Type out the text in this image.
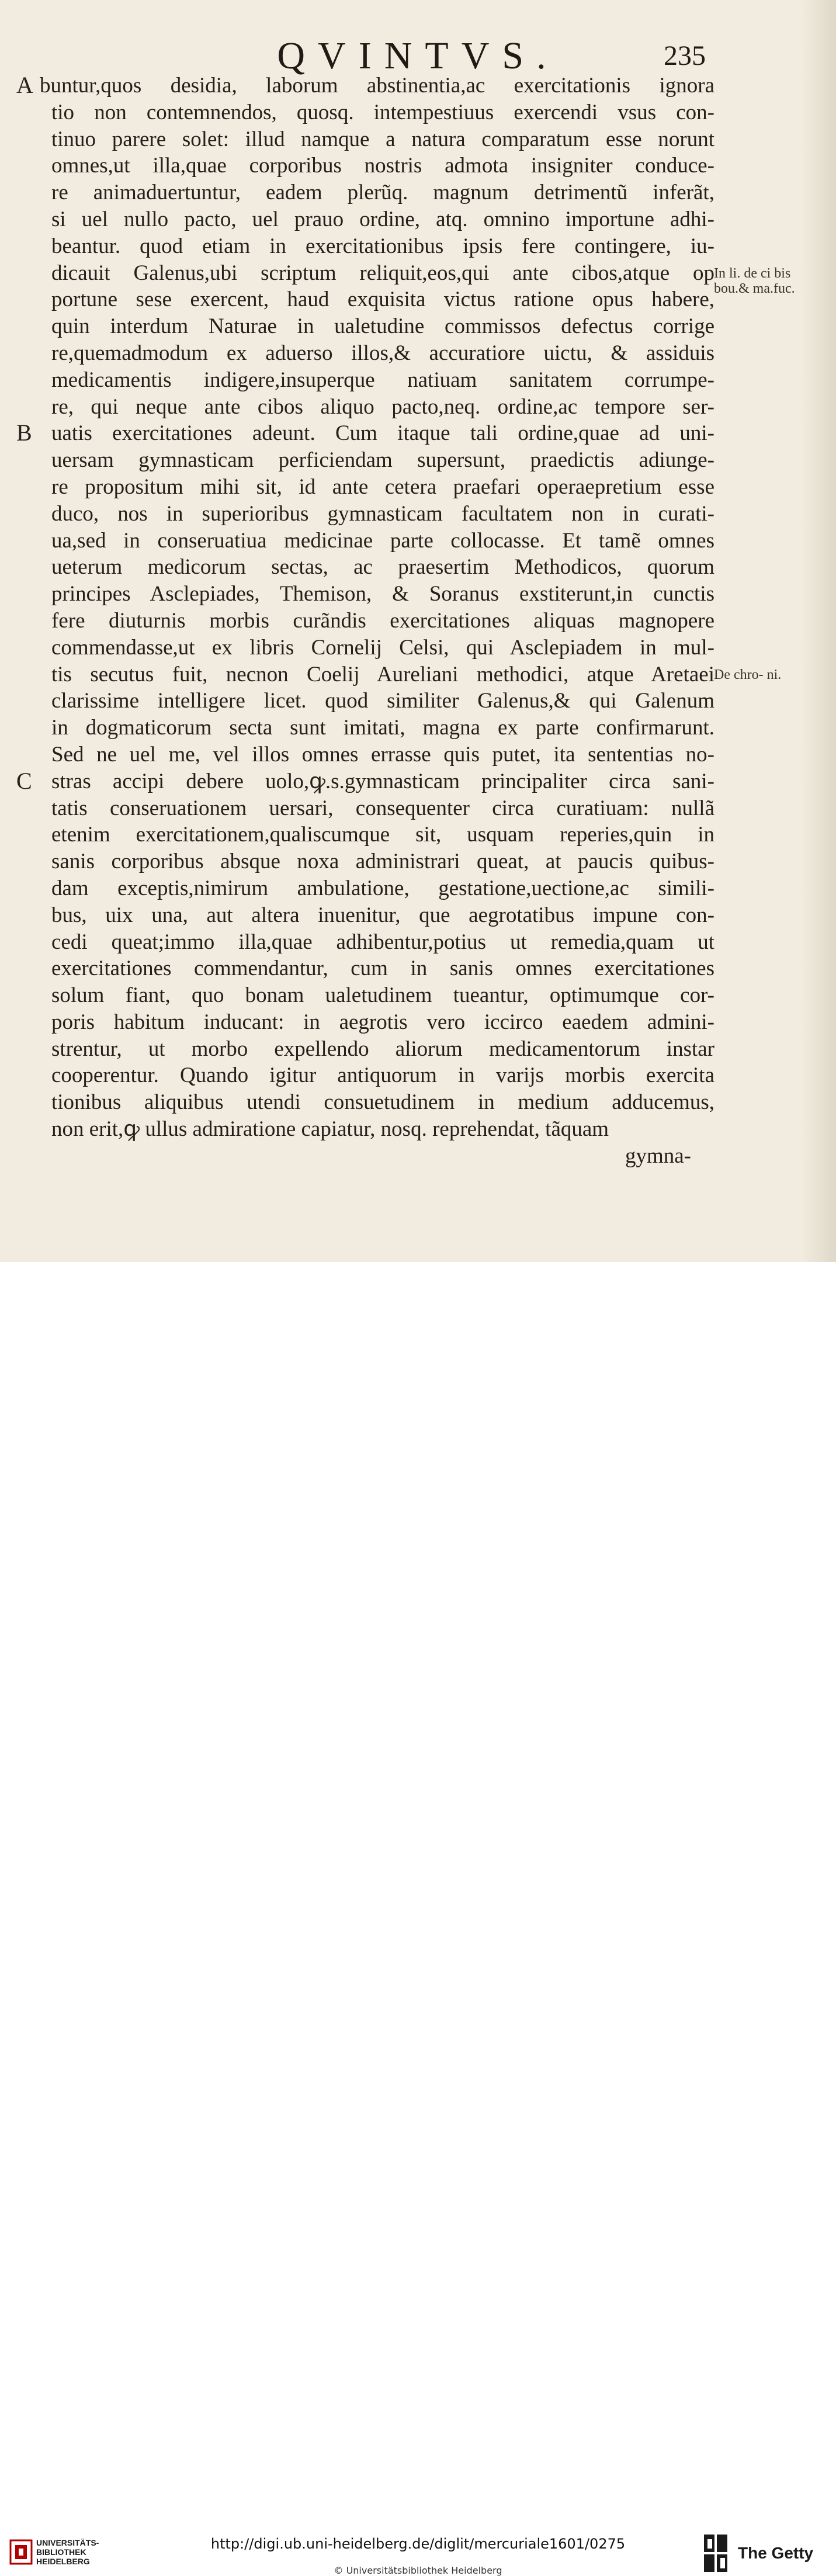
QVINTVS.	235
buntur,quos desidia, laborum abstinentia,ac exercitationis ignora
tio non contemnendos, quosq. intempestiuus exercendi vsus con-
tinuo parere solet: illud namque a natura comparatum esse norunt
omnes,ut illa,quae corporibus nostris admota insigniter conduce-
re animaduertuntur, eadem plerũq. magnum detrimentũ inferãt,
si uel nullo pacto, uel prauo ordine, atq. omnino importune adhi-
beantur. quod etiam in exercitationibus ipsis fere contingere, iu-
dicauit Galenus,ubi scriptum reliquit,eos,qui ante cibos,atque op
portune sese exercent, haud exquisita victus ratione opus habere,
quin interdum Naturae in ualetudine commissos defectus corrige
re,quemadmodum ex aduerso illos,& accuratiore uictu, & assiduis
medicamentis indigere,insuperque natiuam sanitatem corrumpe-
re, qui neque ante cibos aliquo pacto,neq. ordine,ac tempore ser-
uatis exercitationes adeunt. Cum itaque tali ordine,quae ad uni-
uersam gymnasticam perficiendam supersunt, praedictis adiunge-
re propositum mihi sit, id ante cetera praefari operaepretium esse
duco, nos in superioribus gymnasticam facultatem non in curati-
ua,sed in conseruatiua medicinae parte collocasse. Et tamẽ omnes
ueterum medicorum sectas, ac praesertim Methodicos, quorum
principes Asclepiades, Themison, & Soranus exstiterunt,in cunctis
fere diuturnis morbis curãndis exercitationes aliquas magnopere
commendasse,ut ex libris Cornelij Celsi, qui Asclepiadem in mul-
tis secutus fuit, necnon Coelij Aureliani methodici, atque Aretaei
clarissime intelligere licet. quod similiter Galenus,& qui Galenum
in dogmaticorum secta sunt imitati, magna ex parte confirmarunt.
Sed ne uel me, vel illos omnes errasse quis putet, ita sententias no-
stras accipi debere uolo,ꝙ.s.gymnasticam principaliter circa sani-
tatis conseruationem uersari, consequenter circa curatiuam: nullã
etenim exercitationem,qualiscumque sit, usquam reperies,quin in
sanis corporibus absque noxa administrari queat, at paucis quibus-
dam exceptis,nimirum ambulatione, gestatione,uectione,ac simili-
bus, uix una, aut altera inuenitur, que aegrotatibus impune con-
cedi queat;immo illa,quae adhibentur,potius ut remedia,quam ut
exercitationes commendantur, cum in sanis omnes exercitationes
solum fiant, quo bonam ualetudinem tueantur, optimumque cor-
poris habitum inducant: in aegrotis vero iccirco eaedem admini-
strentur, ut morbo expellendo aliorum medicamentorum instar
cooperentur. Quando igitur antiquorum in varijs morbis exercita
tionibus aliquibus utendi consuetudinem in medium adducemus,
non erit,ꝙ ullus admiratione capiatur, nosq. reprehendat, tãquam
gymna-
A
B
C
In li. de ci bis bou.& ma.fuc.
De chro- ni.
UNIVERSITÄTS- BIBLIOTHEK HEIDELBERG
http://digi.ub.uni-heidelberg.de/diglit/mercuriale1601/0275
© Universitätsbibliothek Heidelberg
The Getty
